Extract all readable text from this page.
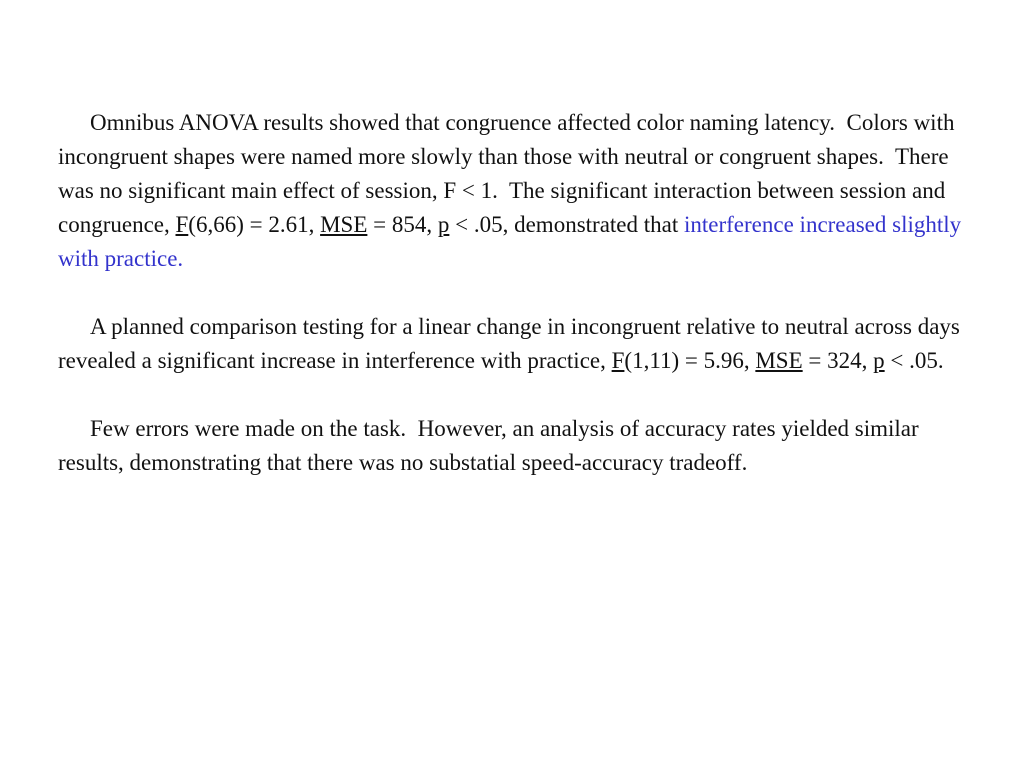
Omnibus ANOVA results showed that congruence affected color naming latency.  Colors with incongruent shapes were named more slowly than those with neutral or congruent shapes.  There was no significant main effect of session, F < 1.  The significant interaction between session and congruence, F(6,66) = 2.61, MSE = 854, p < .05, demonstrated that interference increased slightly with practice.

A planned comparison testing for a linear change in incongruent relative to neutral across days revealed a significant increase in interference with practice, F(1,11) = 5.96, MSE = 324, p < .05.

Few errors were made on the task.  However, an analysis of accuracy rates yielded similar results, demonstrating that there was no substatial speed-accuracy tradeoff.
